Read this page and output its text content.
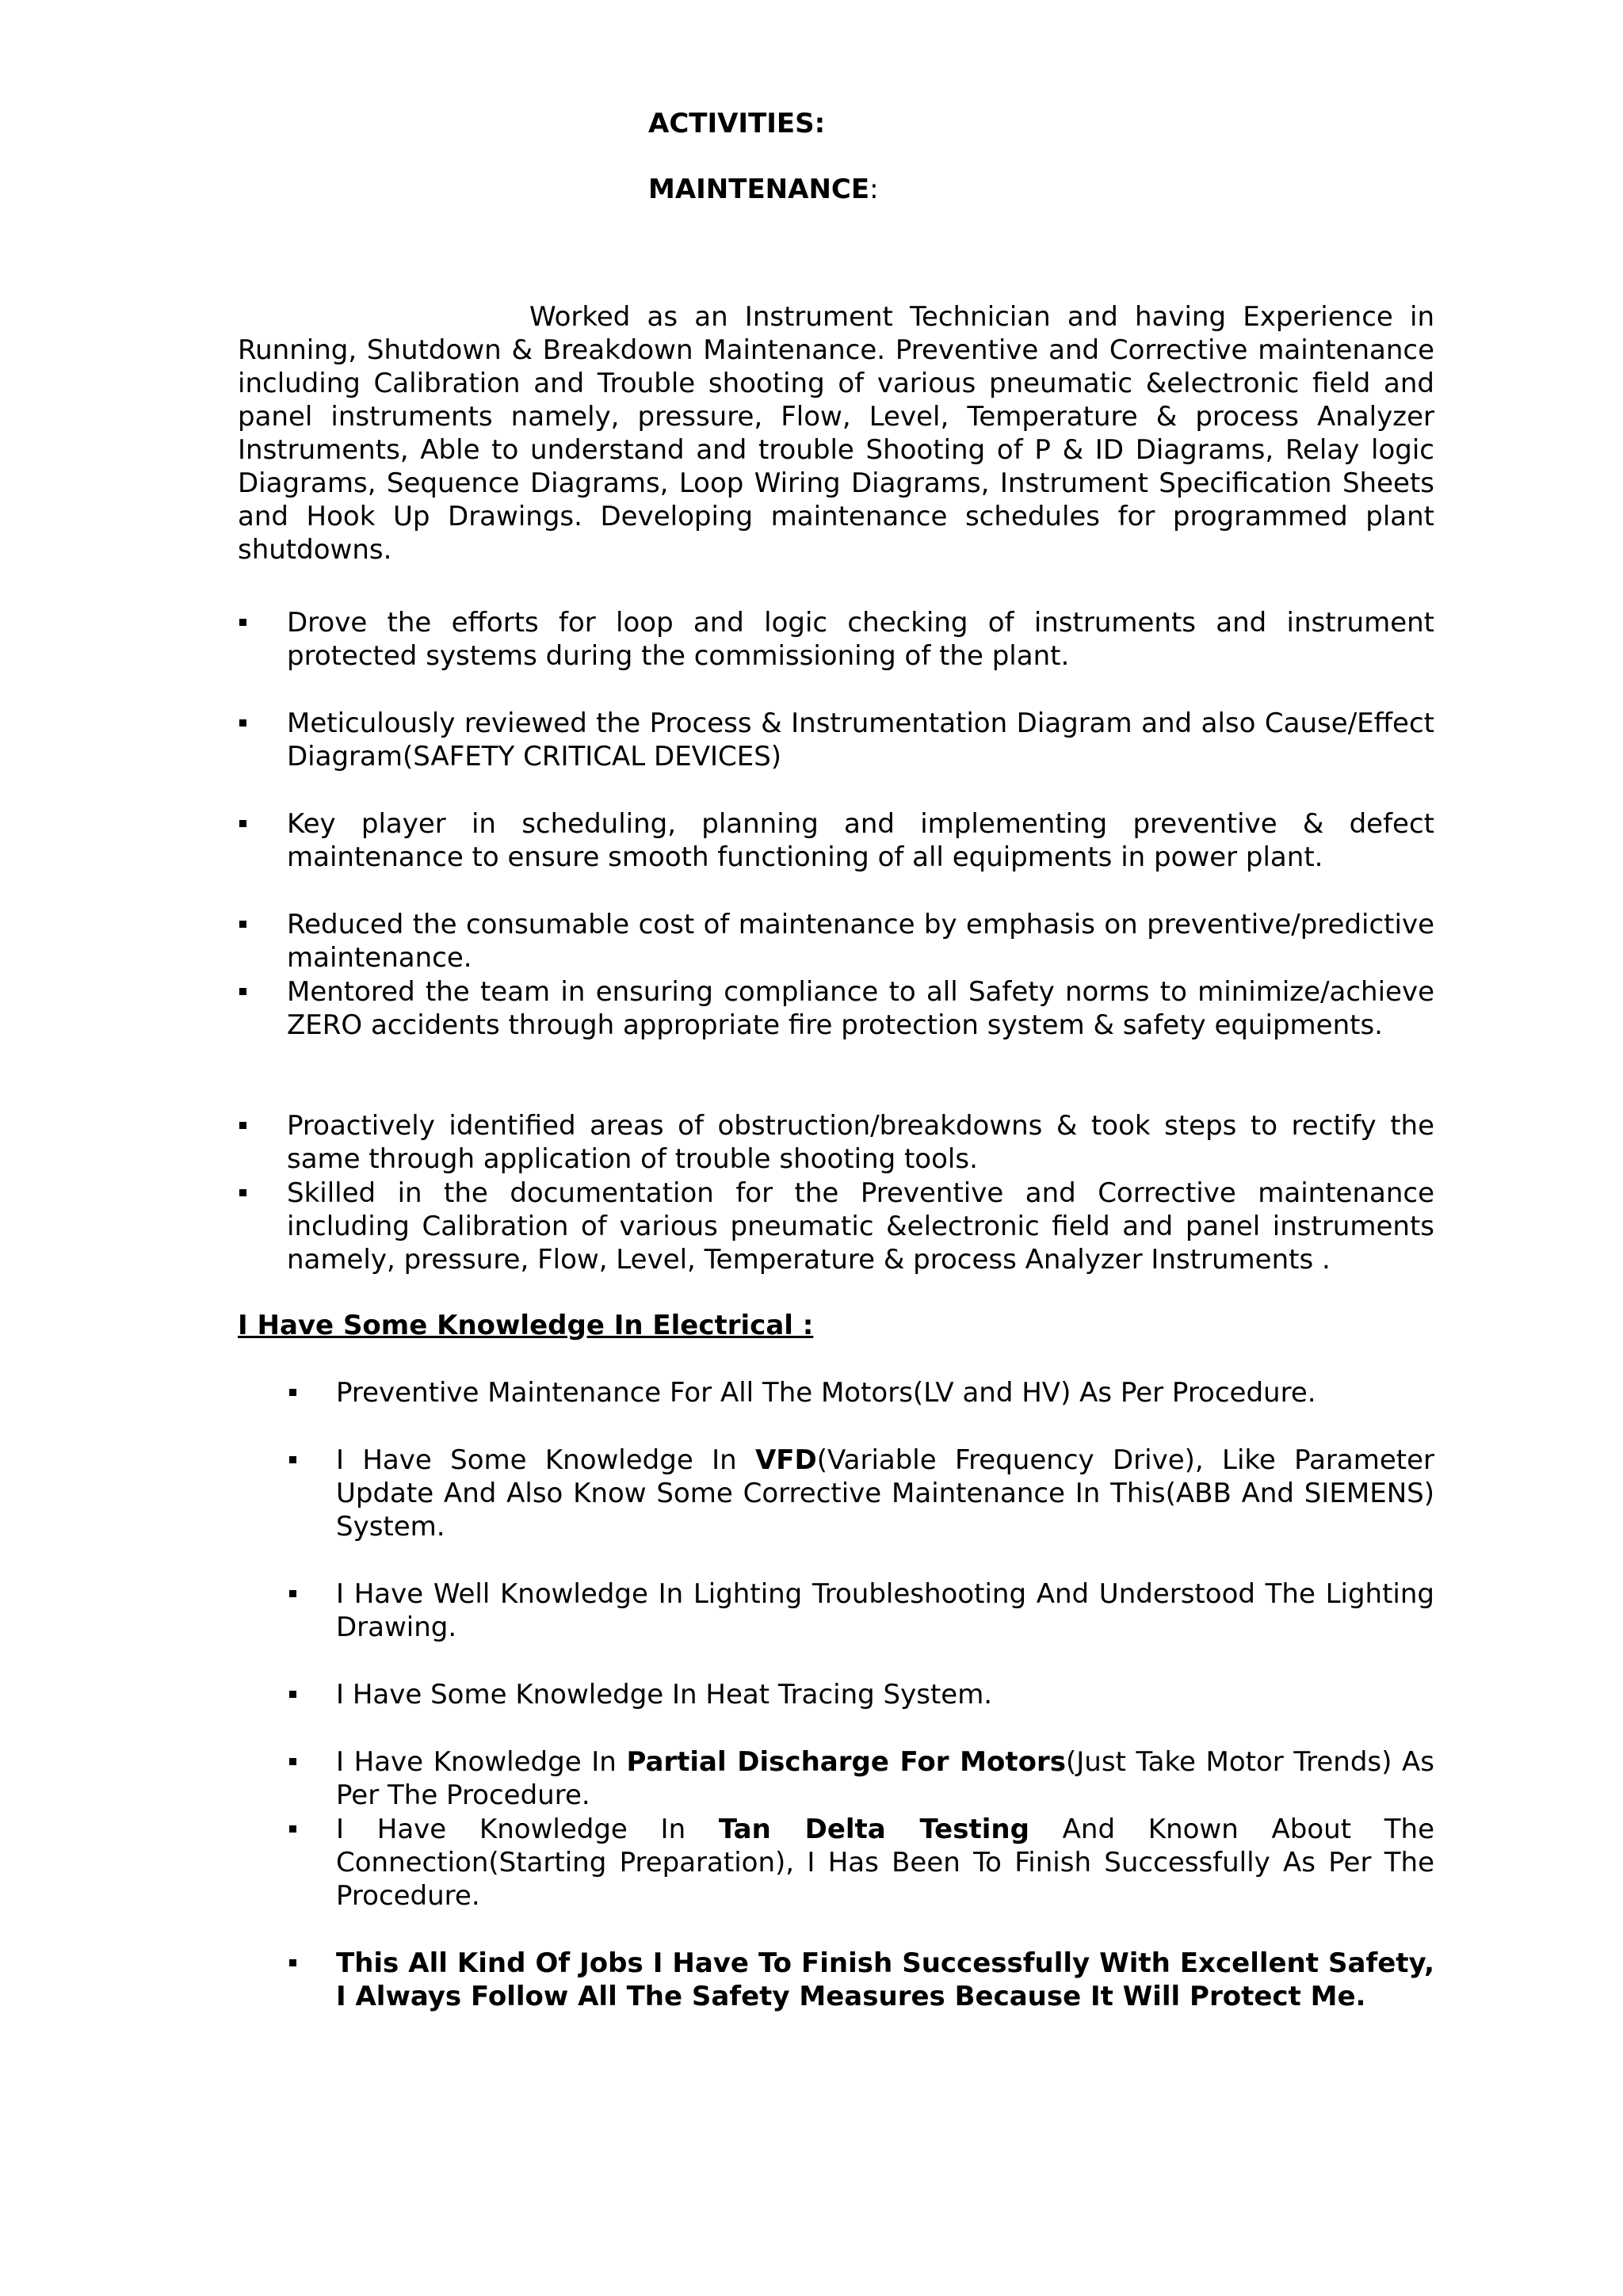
ACTIVITIES:
MAINTENANCE:

Worked as an Instrument Technician and having Experience in Running, Shutdown & Breakdown Maintenance. Preventive and Corrective maintenance including Calibration and Trouble shooting of various pneumatic &electronic field and panel instruments namely, pressure, Flow, Level, Temperature & process Analyzer Instruments, Able to understand and trouble Shooting of P & ID Diagrams, Relay logic Diagrams, Sequence Diagrams, Loop Wiring Diagrams, Instrument Specification Sheets and Hook Up Drawings. Developing maintenance schedules for programmed plant shutdowns.

Drove the efforts for loop and logic checking of instruments and instrument protected systems during the commissioning of the plant.
Meticulously reviewed the Process & Instrumentation Diagram and also Cause/Effect Diagram(SAFETY CRITICAL DEVICES)
Key player in scheduling, planning and implementing preventive & defect maintenance to ensure smooth functioning of all equipments in power plant.
Reduced the consumable cost of maintenance by emphasis on preventive/predictive maintenance.
Mentored the team in ensuring compliance to all Safety norms to minimize/achieve ZERO accidents through appropriate fire protection system & safety equipments.
Proactively identified areas of obstruction/breakdowns & took steps to rectify the same through application of trouble shooting tools.
Skilled in the documentation for the Preventive and Corrective maintenance including Calibration of various pneumatic &electronic field and panel instruments namely, pressure, Flow, Level, Temperature & process Analyzer Instruments .
I Have Some Knowledge In Electrical :
Preventive Maintenance For All The Motors(LV and HV) As Per Procedure.
I Have Some Knowledge In VFD(Variable Frequency Drive), Like Parameter Update And Also Know Some Corrective Maintenance In This(ABB And SIEMENS) System.
I Have Well Knowledge In Lighting Troubleshooting And Understood The Lighting Drawing.
I Have Some Knowledge In Heat Tracing System.
I Have Knowledge In Partial Discharge For Motors(Just Take Motor Trends) As Per The Procedure.
I Have Knowledge In Tan Delta Testing And Known About The Connection(Starting Preparation), I Has Been To Finish Successfully As Per The Procedure.
This All Kind Of Jobs I Have To Finish Successfully With Excellent Safety, I Always Follow All The Safety Measures Because It Will Protect Me.
